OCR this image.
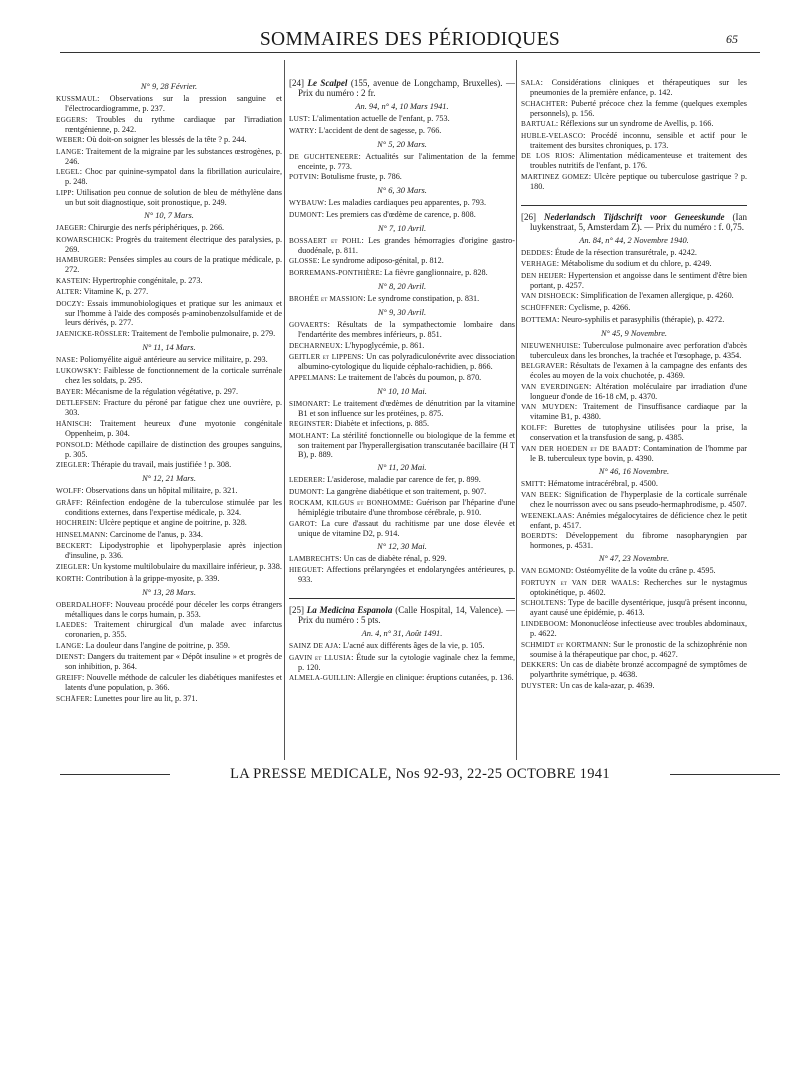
SOMMAIRES DES PÉRIODIQUES	65
N° 9, 28 Février.
KUSSMAUL: Observations sur la pression sanguine et l'électrocardiogramme, p. 237.
EGGERS: Troubles du rythme cardiaque par l'irradiation rœntgénienne, p. 242.
WEBER: Où doit-on soigner les blessés de la tête ? p. 244.
LANGE: Traitement de la migraine par les substances œstrogènes, p. 246.
LEGEL: Choc par quinine-sympatol dans la fibrillation auriculaire, p. 248.
LIPP: Utilisation peu connue de solution de bleu de méthylène dans un but soit diagnostique, soit pronostique, p. 249.
N° 10, 7 Mars.
JAEGER: Chirurgie des nerfs périphériques, p. 266.
KOWARSCHICK: Progrès du traitement électrique des paralysies, p. 269.
HAMBURGER: Pensées simples au cours de la pratique médicale, p. 272.
KASTEIN: Hypertrophie congénitale, p. 273.
ALTER: Vitamine K, p. 277.
DOCZY: Essais immunobiologiques et pratique sur les animaux et sur l'homme à l'aide des composés p-aminobenzolsulfamide et de leurs dérivés, p. 277.
JAENICKE-RÖSSLER: Traitement de l'embolie pulmonaire, p. 279.
N° 11, 14 Mars.
NASE: Poliomyélite aiguë antérieure au service militaire, p. 293.
LUKOWSKY: Faiblesse de fonctionnement de la corticale surrénale chez les soldats, p. 295.
BAYER: Mécanisme de la régulation végétative, p. 297.
DETLEFSEN: Fracture du péroné par fatigue chez une ouvrière, p. 303.
HÄNISCH: Traitement heureux d'une myotonie congénitale Oppenheim, p. 304.
PONSOLD: Méthode capillaire de distinction des groupes sanguins, p. 305.
ZIEGLER: Thérapie du travail, mais justifiée ! p. 308.
N° 12, 21 Mars.
WOLFF: Observations dans un hôpital militaire, p. 321.
GRÄFF: Réinfection endogène de la tuberculose stimulée par les conditions externes, dans l'expertise médicale, p. 324.
HOCHREIN: Ulcère peptique et angine de poitrine, p. 328.
HINSELMANN: Carcinome de l'anus, p. 334.
BECKERT: Lipodystrophie et lipohyperplasie après injection d'insuline, p. 336.
ZIEGLER: Un kystome multilobulaire du maxillaire inférieur, p. 338.
KORTH: Contribution à la grippe-myosite, p. 339.
N° 13, 28 Mars.
OBERDALHOFF: Nouveau procédé pour déceler les corps étrangers métalliques dans le corps humain, p. 353.
LAEDES: Traitement chirurgical d'un malade avec infarctus coronarien, p. 355.
LANGE: La douleur dans l'angine de poitrine, p. 359.
DIENST: Dangers du traitement par « Dépôt insuline » et progrès de son inhibition, p. 364.
GREIFF: Nouvelle méthode de calculer les diabétiques manifestes et latents d'une population, p. 366.
SCHÄFER: Lunettes pour lire au lit, p. 371.
[24] Le Scalpel (155, avenue de Longchamp, Bruxelles). — Prix du numéro : 2 fr.
An. 94, n° 4, 10 Mars 1941.
LUST: L'alimentation actuelle de l'enfant, p. 753.
WATRY: L'accident de dent de sagesse, p. 766.
N° 5, 20 Mars.
DE GUCHTENEERE: Actualités sur l'alimentation de la femme enceinte, p. 773.
POTVIN: Botulisme fruste, p. 786.
N° 6, 30 Mars.
WYBAUW: Les maladies cardiaques peu apparentes, p. 793.
DUMONT: Les premiers cas d'œdème de carence, p. 808.
N° 7, 10 Avril.
BOSSAERT et POHL: Les grandes hémorragies d'origine gastro-duodénale, p. 811.
GLOSSE: Le syndrome adiposo-génital, p. 812.
BORREMANS-PONTHIÈRE: La fièvre ganglionnaire, p. 828.
N° 8, 20 Avril.
BROHÉE et MASSION: Le syndrome constipation, p. 831.
N° 9, 30 Avril.
GOVAERTS: Résultats de la sympathectomie lombaire dans l'endartérite des membres inférieurs, p. 851.
DECHARNEUX: L'hypoglycémie, p. 861.
GEITLER et LIPPENS: Un cas polyradiculonévrite avec dissociation albumino-cytologique du liquide céphalo-rachidien, p. 866.
APPELMANS: Le traitement de l'abcès du poumon, p. 870.
N° 10, 10 Mai.
SIMONART: Le traitement d'œdèmes de dénutrition par la vitamine B1 et son influence sur les protéines, p. 875.
REGINSTER: Diabète et infections, p. 885.
MOLHANT: La stérilité fonctionnelle ou biologique de la femme et son traitement par l'hyperallergisation transcutanée bacillaire (H T B), p. 889.
N° 11, 20 Mai.
LEDERER: L'asiderose, maladie par carence de fer, p. 899.
DUMONT: La gangrène diabétique et son traitement, p. 907.
ROCKAM, KILGUS et BONHOMME: Guérison par l'héparine d'une hémiplégie tributaire d'une thrombose cérébrale, p. 910.
GAROT: La cure d'assaut du rachitisme par une dose élevée et unique de vitamine D2, p. 914.
N° 12, 30 Mai.
LAMBRECHTS: Un cas de diabète rénal, p. 929.
HIEGUET: Affections prélaryngées et endolaryngées antérieures, p. 933.
[25] La Medicina Espanola (Calle Hospital, 14, Valence). — Prix du numéro : 5 pts.
An. 4, n° 31, Août 1491.
SAINZ DE AJA: L'acné aux différents âges de la vie, p. 105.
GAVIN et LLUSIA: Étude sur la cytologie vaginale chez la femme, p. 120.
ALMELA-GUILLIN: Allergie en clinique: éruptions cutanées, p. 136.
SALA: Considérations cliniques et thérapeutiques sur les pneumonies de la première enfance, p. 142.
SCHACHTER: Puberté précoce chez la femme (quelques exemples personnels), p. 156.
BARTUAL: Réflexions sur un syndrome de Avellis, p. 166.
HUBLE-VELASCO: Procédé inconnu, sensible et actif pour le traitement des bursites chroniques, p. 173.
DE LOS RIOS: Alimentation médicamenteuse et traitement des troubles nutritifs de l'enfant, p. 176.
MARTINEZ GOMEZ: Ulcère peptique ou tuberculose gastrique ? p. 180.
[26] Nederlandsch Tijdschrift voor Geneeskunde (Ian luykenstraat, 5, Amsterdam Z). — Prix du numéro : f. 0,75.
An. 84, n° 44, 2 Novembre 1940.
DEDDES: Étude de la résection transurétrale, p. 4242.
VERHAGE: Métabolisme du sodium et du chlore, p. 4249.
DEN HEIJER: Hypertension et angoisse dans le sentiment d'être bien portant, p. 4257.
VAN DISHOECK: Simplification de l'examen allergique, p. 4260.
SCHÜFFNER: Cyclisme, p. 4266.
BOTTEMA: Neuro-syphilis et parasyphilis (thérapie), p. 4272.
N° 45, 9 Novembre.
NIEUWENHUISE: Tuberculose pulmonaire avec perforation d'abcès tuberculeux dans les bronches, la trachée et l'œsophage, p. 4354.
BELGRAVER: Résultats de l'examen à la campagne des enfants des écoles au moyen de la voix chuchotée, p. 4369.
VAN EVERDINGEN: Altération moléculaire par irradiation d'une longueur d'onde de 16-18 cM, p. 4370.
VAN MUYDEN: Traitement de l'insuffisance cardiaque par la vitamine B1, p. 4380.
KOLFF: Burettes de tutophysine utilisées pour la prise, la conservation et la transfusion de sang, p. 4385.
VAN DER HOEDEN et DE BAADT: Contamination de l'homme par le B. tuberculeux type bovin, p. 4390.
N° 46, 16 Novembre.
SMITT: Hématome intracérébral, p. 4500.
VAN BEEK: Signification de l'hyperplasie de la corticale surrénale chez le nourrisson avec ou sans pseudo-hermaphrodisme, p. 4507.
WEENEKLAAS: Anémies mégalocytaires de déficience chez le petit enfant, p. 4517.
BOERDTS: Développement du fibrome nasopharyngien par hormones, p. 4531.
N° 47, 23 Novembre.
VAN EGMOND: Ostéomyélite de la voûte du crâne p. 4595.
FORTUYN et VAN DER WAALS: Recherches sur le nystagmus optokinétique, p. 4602.
SCHOLTENS: Type de bacille dysentérique, jusqu'à présent inconnu, ayant causé une épidémie, p. 4613.
LINDEBOOM: Mononucléose infectieuse avec troubles abdominaux, p. 4622.
SCHMIDT et KORTMANN: Sur le pronostic de la schizophrénie non soumise à la thérapeutique par choc, p. 4627.
DEKKERS: Un cas de diabète bronzé accompagné de symptômes de polyarthrite symétrique, p. 4638.
DUYSTER: Un cas de kala-azar, p. 4639.
LA PRESSE MEDICALE, Nos 92-93, 22-25 OCTOBRE 1941
